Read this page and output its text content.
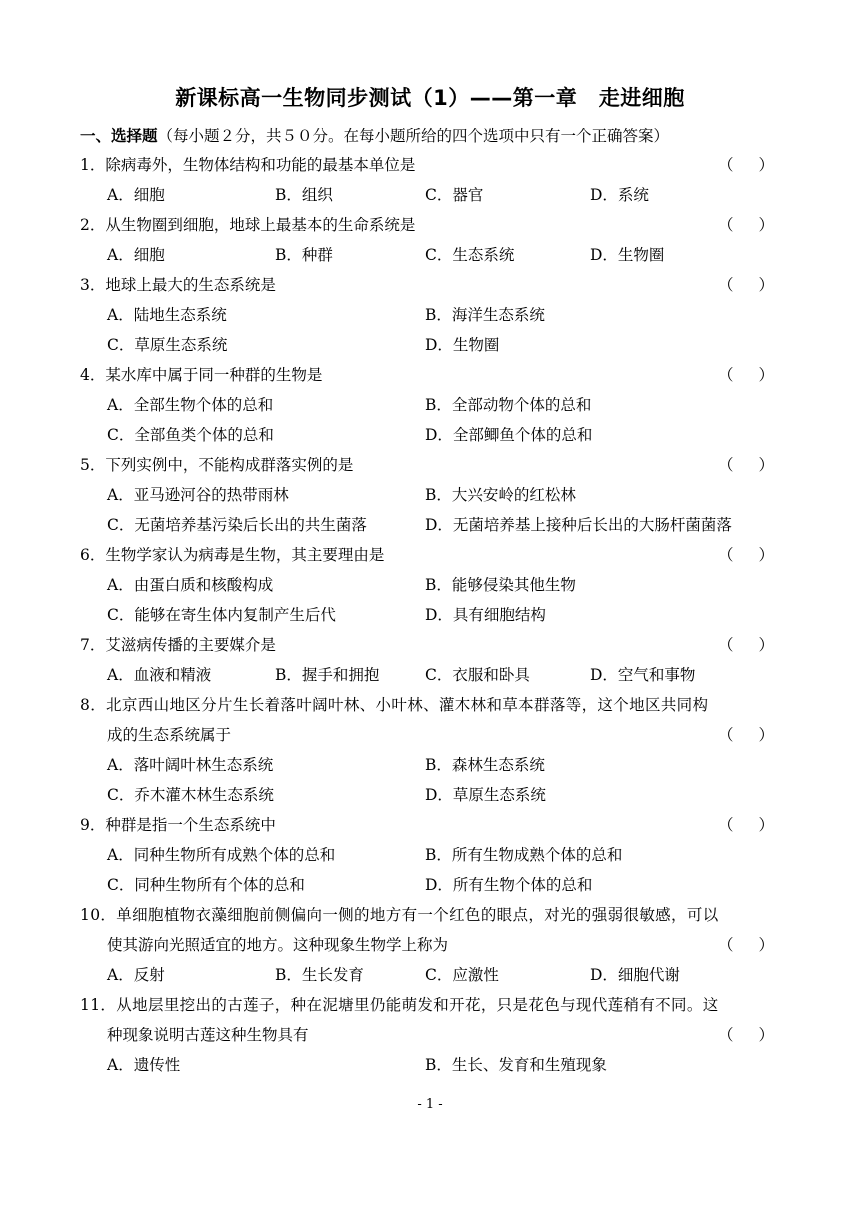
新课标高一生物同步测试（1）——第一章　走进细胞
一、选择题（每小题２分，共５０分。在每小题所给的四个选项中只有一个正确答案）
1．除病毒外，生物体结构和功能的最基本单位是	（ ）
A．细胞	B．组织	C．器官	D．系统
2．从生物圈到细胞，地球上最基本的生命系统是	（ ）
A．细胞	B．种群	C．生态系统	D．生物圈
3．地球上最大的生态系统是	（ ）
A．陆地生态系统	B．海洋生态系统
C．草原生态系统	D．生物圈
4．某水库中属于同一种群的生物是	（ ）
A．全部生物个体的总和	B．全部动物个体的总和
C．全部鱼类个体的总和	D．全部鲫鱼个体的总和
5．下列实例中，不能构成群落实例的是	（ ）
A．亚马逊河谷的热带雨林	B．大兴安岭的红松林
C．无菌培养基污染后长出的共生菌落	D．无菌培养基上接种后长出的大肠杆菌菌落
6．生物学家认为病毒是生物，其主要理由是	（ ）
A．由蛋白质和核酸构成	B．能够侵染其他生物
C．能够在寄生体内复制产生后代	D．具有细胞结构
7．艾滋病传播的主要媒介是	（ ）
A．血液和精液	B．握手和拥抱	C．衣服和卧具	D．空气和事物
8．北京西山地区分片生长着落叶阔叶林、小叶林、灌木林和草本群落等，这个地区共同构
成的生态系统属于	（ ）
A．落叶阔叶林生态系统	B．森林生态系统
C．乔木灌木林生态系统	D．草原生态系统
9．种群是指一个生态系统中	（ ）
A．同种生物所有成熟个体的总和	B．所有生物成熟个体的总和
C．同种生物所有个体的总和	D．所有生物个体的总和
10．单细胞植物衣藻细胞前侧偏向一侧的地方有一个红色的眼点，对光的强弱很敏感，可以
使其游向光照适宜的地方。这种现象生物学上称为	（ ）
A．反射	B．生长发育	C．应激性	D．细胞代谢
11．从地层里挖出的古莲子，种在泥塘里仍能萌发和开花，只是花色与现代莲稍有不同。这
种现象说明古莲这种生物具有	（ ）
A．遗传性	B．生长、发育和生殖现象
- 1 -
